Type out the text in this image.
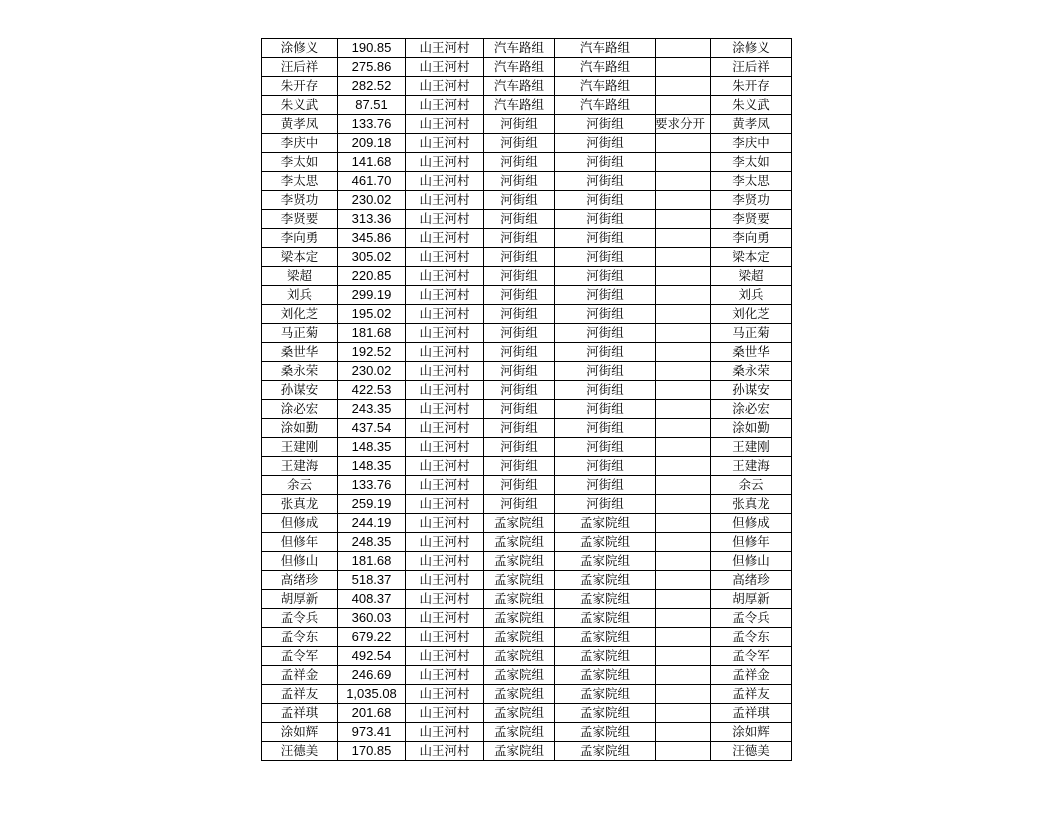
涂修义	190.85	山王河村	汽车路组	汽车路组		涂修义
汪后祥	275.86	山王河村	汽车路组	汽车路组		汪后祥
朱开存	282.52	山王河村	汽车路组	汽车路组		朱开存
朱义武	87.51	山王河村	汽车路组	汽车路组		朱义武
黄孝凤	133.76	山王河村	河街组	河街组	要求分开	黄孝凤
李庆中	209.18	山王河村	河街组	河街组		李庆中
李太如	141.68	山王河村	河街组	河街组		李太如
李太思	461.70	山王河村	河街组	河街组		李太思
李贤功	230.02	山王河村	河街组	河街组		李贤功
李贤要	313.36	山王河村	河街组	河街组		李贤要
李向勇	345.86	山王河村	河街组	河街组		李向勇
梁本定	305.02	山王河村	河街组	河街组		梁本定
梁超	220.85	山王河村	河街组	河街组		梁超
刘兵	299.19	山王河村	河街组	河街组		刘兵
刘化芝	195.02	山王河村	河街组	河街组		刘化芝
马正菊	181.68	山王河村	河街组	河街组		马正菊
桑世华	192.52	山王河村	河街组	河街组		桑世华
桑永荣	230.02	山王河村	河街组	河街组		桑永荣
孙谋安	422.53	山王河村	河街组	河街组		孙谋安
涂必宏	243.35	山王河村	河街组	河街组		涂必宏
涂如勤	437.54	山王河村	河街组	河街组		涂如勤
王建刚	148.35	山王河村	河街组	河街组		王建刚
王建海	148.35	山王河村	河街组	河街组		王建海
余云	133.76	山王河村	河街组	河街组		余云
张真龙	259.19	山王河村	河街组	河街组		张真龙
但修成	244.19	山王河村	孟家院组	孟家院组		但修成
但修年	248.35	山王河村	孟家院组	孟家院组		但修年
但修山	181.68	山王河村	孟家院组	孟家院组		但修山
高绪珍	518.37	山王河村	孟家院组	孟家院组		高绪珍
胡厚新	408.37	山王河村	孟家院组	孟家院组		胡厚新
孟令兵	360.03	山王河村	孟家院组	孟家院组		孟令兵
孟令东	679.22	山王河村	孟家院组	孟家院组		孟令东
孟令军	492.54	山王河村	孟家院组	孟家院组		孟令军
孟祥金	246.69	山王河村	孟家院组	孟家院组		孟祥金
孟祥友	1,035.08	山王河村	孟家院组	孟家院组		孟祥友
孟祥琪	201.68	山王河村	孟家院组	孟家院组		孟祥琪
涂如辉	973.41	山王河村	孟家院组	孟家院组		涂如辉
汪德美	170.85	山王河村	孟家院组	孟家院组		汪德美
